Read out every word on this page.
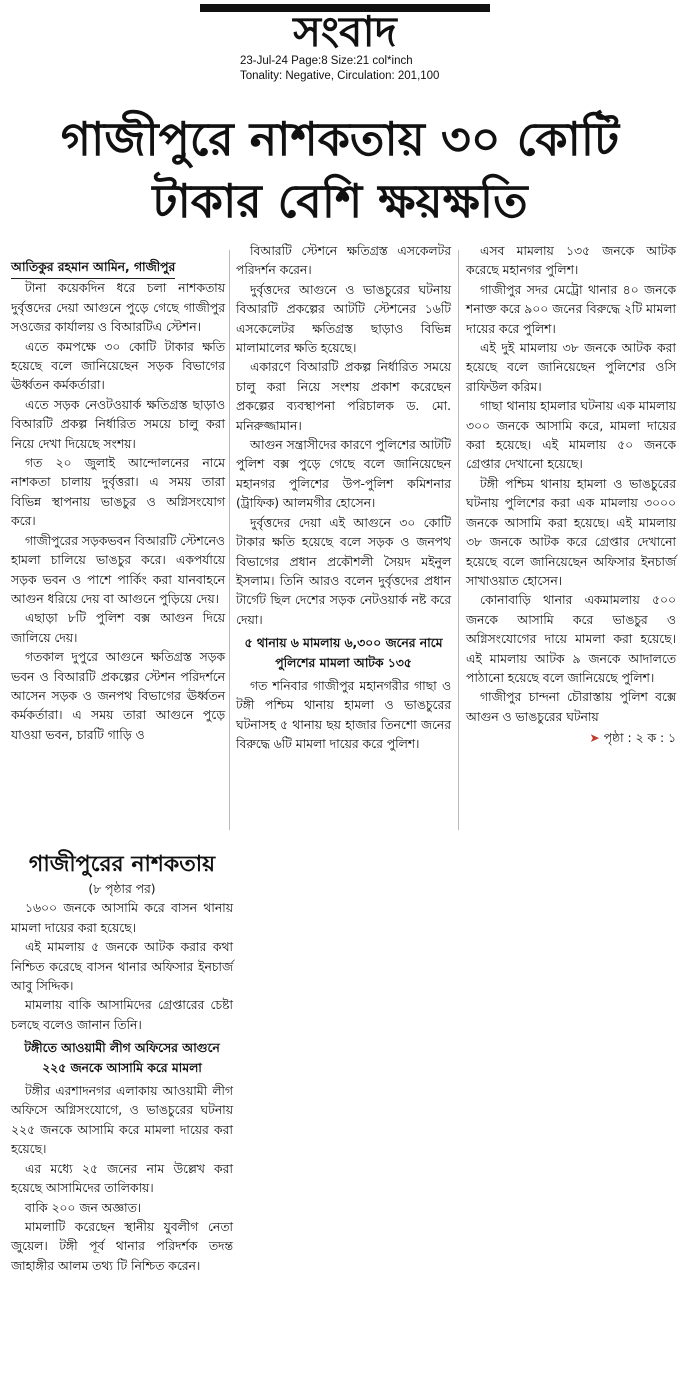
সংবাদ
23-Jul-24 Page:8 Size:21 col*inch
Tonality: Negative, Circulation: 201,100
গাজীপুরে নাশকতায় ৩০ কোটি
টাকার বেশি ক্ষয়ক্ষতি

আতিকুর রহমান আমিন, গাজীপুর

টানা কয়েকদিন ধরে চলা নাশকতায় দুর্বৃত্তদের দেয়া আগুনে পুড়ে গেছে গাজীপুর সওজের কার্যালয় ও বিআরটিএ স্টেশন।

এতে কমপক্ষে ৩০ কোটি টাকার ক্ষতি হয়েছে বলে জানিয়েছেন সড়ক বিভাগের ঊর্ধ্বতন কর্মকর্তারা।

এতে সড়ক নেওটওয়ার্ক ক্ষতিগ্রস্ত ছাড়াও বিআরটি প্রকল্প নির্ধারিত সময়ে চালু করা নিয়ে দেখা দিয়েছে সংশয়।

গত ২০ জুলাই আন্দোলনের নামে নাশকতা চালায় দুর্বৃত্তরা। এ সময় তারা বিভিন্ন স্থাপনায় ভাঙচুর ও অগ্নিসংযোগ করে।

গাজীপুরের সড়কভবন বিআরটি স্টেশনেও হামলা চালিয়ে ভাঙচুর করে। একপর্যায়ে সড়ক ভবন ও পাশে পার্কিং করা যানবাহনে আগুন ধরিয়ে দেয় বা আগুনে পুড়িয়ে দেয়।

এছাড়া ৮টি পুলিশ বক্স আগুন দিয়ে জালিয়ে দেয়।

গতকাল দুপুরে আগুনে ক্ষতিগ্রস্ত সড়ক ভবন ও বিআরটি প্রকল্পের স্টেশন পরিদর্শনে আসেন সড়ক ও জনপথ বিভাগের ঊর্ধ্বতন কর্মকর্তারা। এ সময় তারা আগুনে পুড়ে যাওয়া ভবন, চারটি গাড়ি ও

বিআরটি স্টেশনে ক্ষতিগ্রস্ত এসকেলটর পরিদর্শন করেন।

দুর্বৃত্তদের আগুনে ও ভাঙচুরের ঘটনায় বিআরটি প্রকল্পের আটটি স্টেশনের ১৬টি এসকেলেটর ক্ষতিগ্রস্ত ছাড়াও বিভিন্ন মালামালের ক্ষতি হয়েছে।

একারণে বিআরটি প্রকল্প নির্ধারিত সময়ে চালু করা নিয়ে সংশয় প্রকাশ করেছেন প্রকল্পের ব্যবস্থাপনা পরিচালক ড. মো. মনিরুজ্জামান।

আগুন সন্ত্রাসীদের কারণে পুলিশের আটটি পুলিশ বক্স পুড়ে গেছে বলে জানিয়েছেন মহানগর পুলিশের উপ-পুলিশ কমিশনার (ট্রাফিক) আলমগীর হোসেন।

দুর্বৃত্তদের দেয়া এই আগুনে ৩০ কোটি টাকার ক্ষতি হয়েছে বলে সড়ক ও জনপথ বিভাগের প্রধান প্রকৌশলী সৈয়দ মইনুল ইসলাম। তিনি আরও বলেন দুর্বৃত্তদের প্রধান টার্গেট ছিল দেশের সড়ক নেটওয়ার্ক নষ্ট করে দেয়া।

৫ থানায় ৬ মামলায় ৬,৩০০ জনের নামে পুলিশের মামলা আটক ১৩৫

গত শনিবার গাজীপুর মহানগরীর গাছা ও টঙ্গী পশ্চিম থানায় হামলা ও ভাঙচুরের ঘটনাসহ ৫ থানায় ছয় হাজার তিনশো জনের বিরুদ্ধে ৬টি মামলা দায়ের করে পুলিশ।

এসব মামলায় ১৩৫ জনকে আটক করেছে মহানগর পুলিশ।

গাজীপুর সদর মেট্রো থানার ৪০ জনকে শনাক্ত করে ৯০০ জনের বিরুদ্ধে ২টি মামলা দায়ের করে পুলিশ।

এই দুই মামলায় ৩৮ জনকে আটক করা হয়েছে বলে জানিয়েছেন পুলিশের ওসি রাফিউল করিম।

গাছা থানায় হামলার ঘটনায় এক মামলায় ৩০০ জনকে আসামি করে, মামলা দায়ের করা হয়েছে। এই মামলায় ৫০ জনকে গ্রেপ্তার দেখানো হয়েছে।

টঙ্গী পশ্চিম থানায় হামলা ও ভাঙচুরের ঘটনায় পুলিশের করা এক মামলায় ৩০০০ জনকে আসামি করা হয়েছে। এই মামলায় ৩৮ জনকে আটক করে গ্রেপ্তার দেখানো হয়েছে বলে জানিয়েছেন অফিসার ইনচার্জ সাখাওয়াত হোসেন।

কোনাবাড়ি থানার একমামলায় ৫০০ জনকে আসামি করে ভাঙচুর ও অগ্নিসংযোগের দায়ে মামলা করা হয়েছে। এই মামলায় আটক ৯ জনকে আদালতে পাঠানো হয়েছে বলে জানিয়েছে পুলিশ।

গাজীপুর চান্দনা চৌরাস্তায় পুলিশ বক্সে আগুন ও ভাঙচুরের ঘটনায়

➤ পৃষ্ঠা : ২ ক : ১

গাজীপুরের নাশকতায়

(৮ পৃষ্ঠার পর)

১৬০০ জনকে আসামি করে বাসন থানায় মামলা দায়ের করা হয়েছে।

এই মামলায় ৫ জনকে আটক করার কথা নিশ্চিত করেছে বাসন থানার অফিসার ইনচার্জ আবু সিদ্দিক।

মামলায় বাকি আসামিদের গ্রেপ্তারের চেষ্টা চলছে বলেও জানান তিনি।

টঙ্গীতে আওয়ামী লীগ অফিসের আগুনে ২২৫ জনকে আসামি করে মামলা

টঙ্গীর এরশাদনগর এলাকায় আওয়ামী লীগ অফিসে অগ্নিসংযোগে, ও ভাঙচুরের ঘটনায় ২২৫ জনকে আসামি করে মামলা দায়ের করা হয়েছে।

এর মধ্যে ২৫ জনের নাম উল্লেখ করা হয়েছে আসামিদের তালিকায়।

বাকি ২০০ জন অজ্ঞাত।

মামলাটি করেছেন স্থানীয় যুবলীগ নেতা জুয়েল। টঙ্গী পূর্ব থানার পরিদর্শক তদন্ত জাহাঙ্গীর আলম তথ্য টি নিশ্চিত করেন।
